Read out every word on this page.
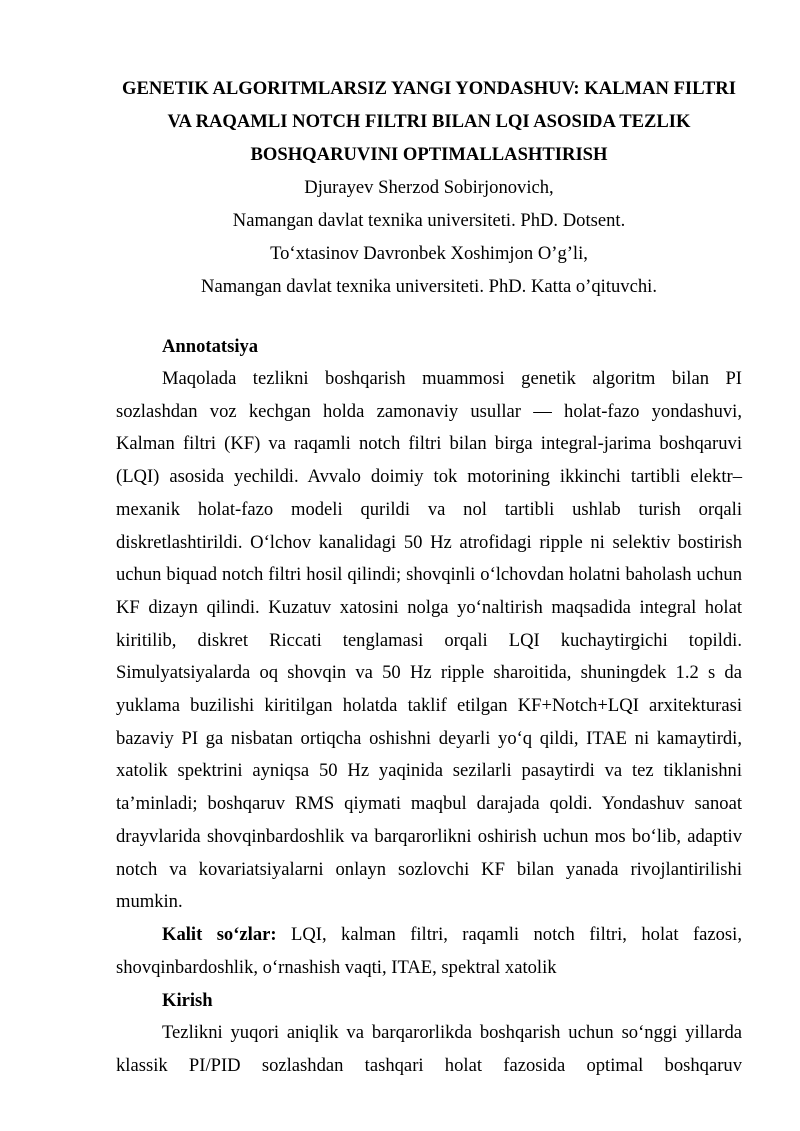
GENETIK ALGORITMLARSIZ YANGI YONDASHUV: KALMAN FILTRI
VA RAQAMLI NOTCH FILTRI BILAN LQI ASOSIDA TEZLIK
BOSHQARUVINI OPTIMALLASHTIRISH
Djurayev Sherzod Sobirjonovich,
Namangan davlat texnika universiteti. PhD. Dotsent.
To‘xtasinov Davronbek Xoshimjon O’g’li,
Namangan davlat texnika universiteti. PhD. Katta o’qituvchi.

Annotatsiya

Maqolada tezlikni boshqarish muammosi genetik algoritm bilan PI sozlashdan voz kechgan holda zamonaviy usullar — holat-fazo yondashuvi, Kalman filtri (KF) va raqamli notch filtri bilan birga integral-jarima boshqaruvi (LQI) asosida yechildi. Avvalo doimiy tok motorining ikkinchi tartibli elektr–mexanik holat-fazo modeli qurildi va nol tartibli ushlab turish orqali diskretlashtirildi. O‘lchov kanalidagi 50 Hz atrofidagi ripple ni selektiv bostirish uchun biquad notch filtri hosil qilindi; shovqinli o‘lchovdan holatni baholash uchun KF dizayn qilindi. Kuzatuv xatosini nolga yo‘naltirish maqsadida integral holat kiritilib, diskret Riccati tenglamasi orqali LQI kuchaytirgichi topildi. Simulyatsiyalarda oq shovqin va 50 Hz ripple sharoitida, shuningdek 1.2 s da yuklama buzilishi kiritilgan holatda taklif etilgan KF+Notch+LQI arxitekturasi bazaviy PI ga nisbatan ortiqcha oshishni deyarli yo‘q qildi, ITAE ni kamaytirdi, xatolik spektrini ayniqsa 50 Hz yaqinida sezilarli pasaytirdi va tez tiklanishni ta’minladi; boshqaruv RMS qiymati maqbul darajada qoldi. Yondashuv sanoat drayvlarida shovqinbardoshlik va barqarorlikni oshirish uchun mos bo‘lib, adaptiv notch va kovariatsiyalarni onlayn sozlovchi KF bilan yanada rivojlantirilishi mumkin.

Kalit so‘zlar: LQI, kalman filtri, raqamli notch filtri, holat fazosi, shovqinbardoshlik, o‘rnashish vaqti, ITAE, spektral xatolik

Kirish

Tezlikni yuqori aniqlik va barqarorlikda boshqarish uchun so‘nggi yillarda klassik PI/PID sozlashdan tashqari holat fazosida optimal boshqaruv
